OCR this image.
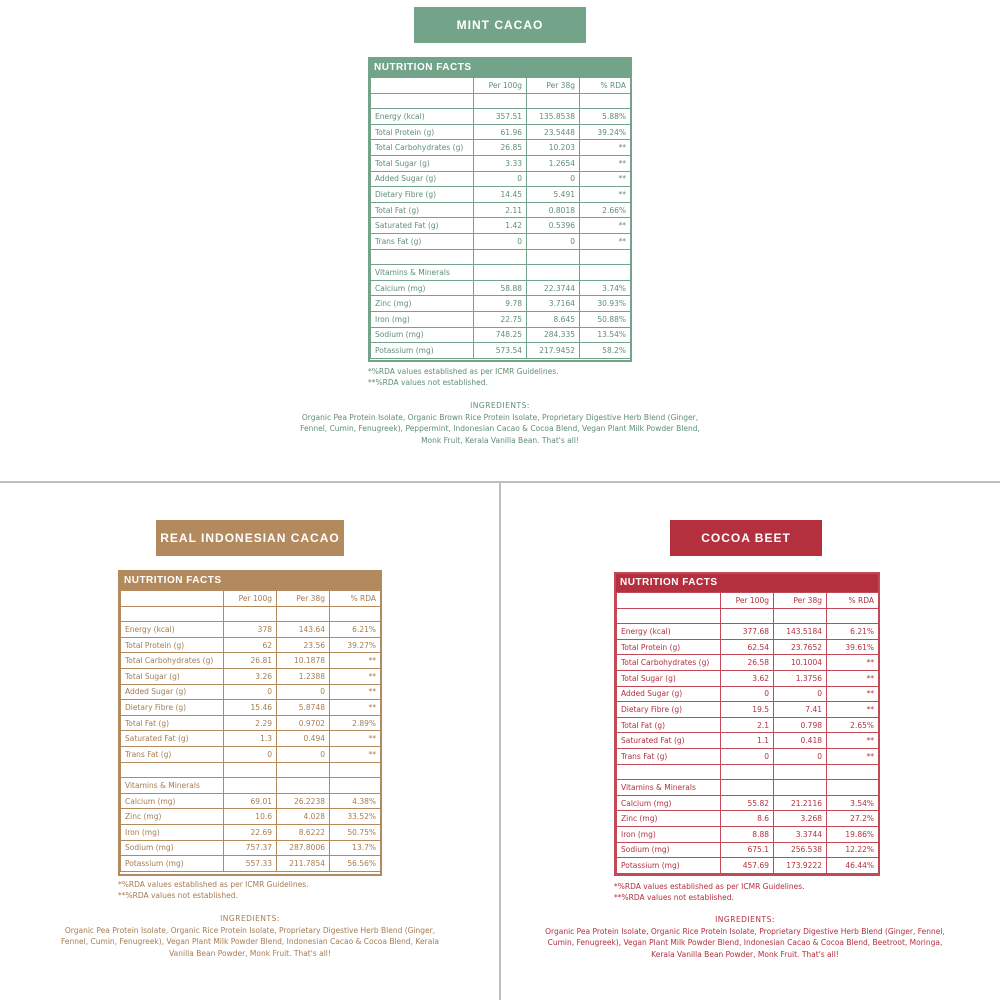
MINT CACAO
NUTRITION FACTS
	Per 100g	Per 38g	% RDA

Energy (kcal)	357.51	135.8538	5.88%
Total Protein (g)	61.96	23.5448	39.24%
Total Carbohydrates (g)	26.85	10.203	**
Total Sugar (g)	3.33	1.2654	**
Added Sugar (g)	0	0	**
Dietary Fibre (g)	14.45	5.491	**
Total Fat (g)	2.11	0.8018	2.66%
Saturated Fat (g)	1.42	0.5396	**
Trans Fat (g)	0	0	**

Vitamins & Minerals			
Calcium (mg)	58.88	22.3744	3.74%
Zinc (mg)	9.78	3.7164	30.93%
Iron (mg)	22.75	8.645	50.88%
Sodium (mg)	748.25	284.335	13.54%
Potassium (mg)	573.54	217.9452	58.2%
*%RDA values established as per ICMR Guidelines.
**%RDA values not established.
INGREDIENTS:
Organic Pea Protein Isolate, Organic Brown Rice Protein Isolate, Proprietary Digestive Herb Blend (Ginger, Fennel, Cumin, Fenugreek), Peppermint, Indonesian Cacao & Cocoa Blend, Vegan Plant Milk Powder Blend, Monk Fruit, Kerala Vanilla Bean. That's all!
REAL INDONESIAN CACAO
NUTRITION FACTS
	Per 100g	Per 38g	% RDA

Energy (kcal)	378	143.64	6.21%
Total Protein (g)	62	23.56	39.27%
Total Carbohydrates (g)	26.81	10.1878	**
Total Sugar (g)	3.26	1.2388	**
Added Sugar (g)	0	0	**
Dietary Fibre (g)	15.46	5.8748	**
Total Fat (g)	2.29	0.9702	2.89%
Saturated Fat (g)	1.3	0.494	**
Trans Fat (g)	0	0	**

Vitamins & Minerals			
Calcium (mg)	69.01	26.2238	4.38%
Zinc (mg)	10.6	4.028	33.52%
Iron (mg)	22.69	8.6222	50.75%
Sodium (mg)	757.37	287.8006	13.7%
Potassium (mg)	557.33	211.7854	56.56%
*%RDA values established as per ICMR Guidelines.
**%RDA values not established.
INGREDIENTS:
Organic Pea Protein Isolate, Organic Rice Protein Isolate, Proprietary Digestive Herb Blend (Ginger, Fennel, Cumin, Fenugreek), Vegan Plant Milk Powder Blend, Indonesian Cacao & Cocoa Blend, Kerala Vanilla Bean Powder, Monk Fruit. That's all!
COCOA BEET
NUTRITION FACTS
	Per 100g	Per 38g	% RDA

Energy (kcal)	377.68	143.5184	6.21%
Total Protein (g)	62.54	23.7652	39.61%
Total Carbohydrates (g)	26.58	10.1004	**
Total Sugar (g)	3.62	1.3756	**
Added Sugar (g)	0	0	**
Dietary Fibre (g)	19.5	7.41	**
Total Fat (g)	2.1	0.798	2.65%
Saturated Fat (g)	1.1	0.418	**
Trans Fat (g)	0	0	**

Vitamins & Minerals			
Calcium (mg)	55.82	21.2116	3.54%
Zinc (mg)	8.6	3.268	27.2%
Iron (mg)	8.88	3.3744	19.86%
Sodium (mg)	675.1	256.538	12.22%
Potassium (mg)	457.69	173.9222	46.44%
*%RDA values established as per ICMR Guidelines.
**%RDA values not established.
INGREDIENTS:
Organic Pea Protein Isolate, Organic Rice Protein Isolate, Proprietary Digestive Herb Blend (Ginger, Fennel, Cumin, Fenugreek), Vegan Plant Milk Powder Blend, Indonesian Cacao & Cocoa Blend, Beetroot, Moringa, Kerala Vanilla Bean Powder, Monk Fruit. That's all!
